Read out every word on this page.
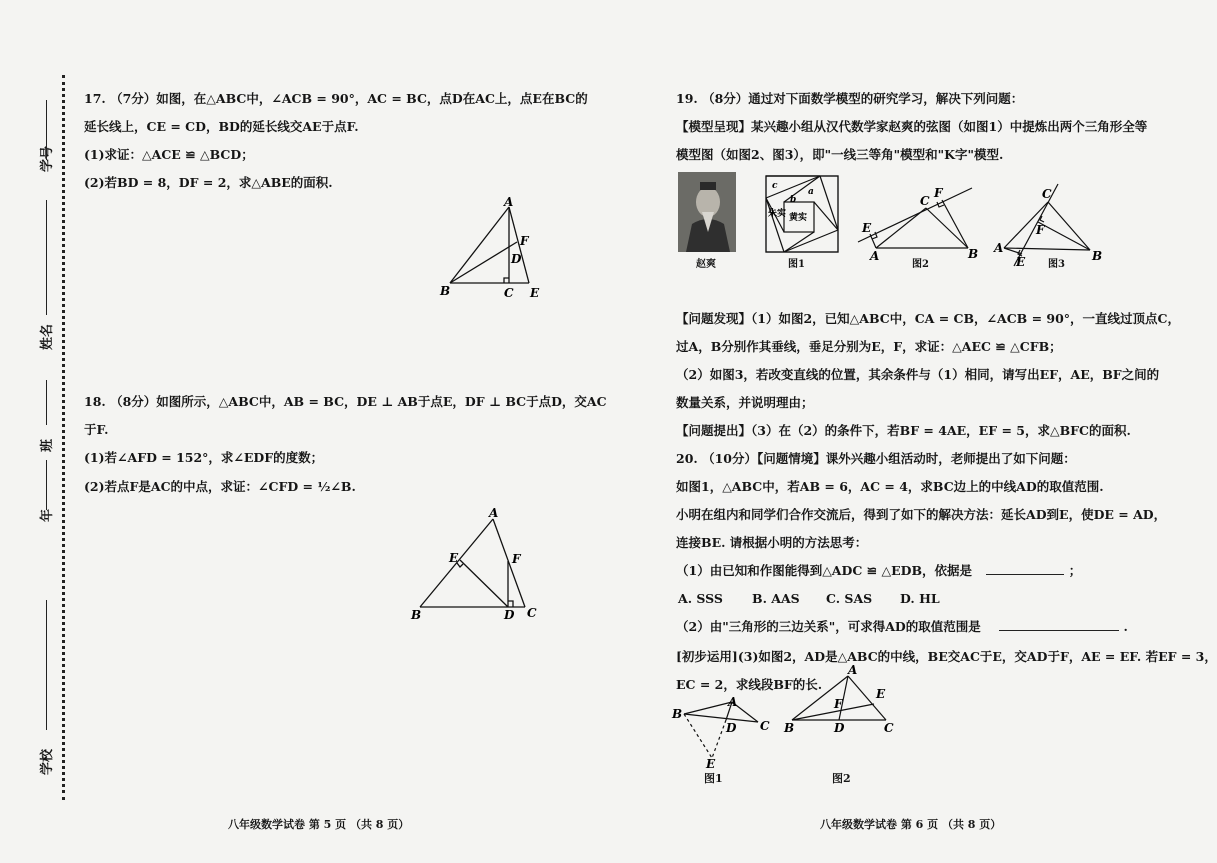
学号
姓名
班
年
学校
17. （7分）如图，在△ABC中，∠ACB = 90°，AC = BC，点D在AC上，点E在BC的
延长线上，CE = CD，BD的延长线交AE于点F.
(1)求证：△ACE ≌ △BCD；
(2)若BD = 8，DF = 2，求△ABE的面积.
A
B	C
D
E
F
18. （8分）如图所示，△ABC中，AB = BC，DE ⊥ AB于点E，DF ⊥ BC于点D，交AC
于F.
(1)若∠AFD = 152°，求∠EDF的度数；
(2)若点F是AC的中点，求证：∠CFD = ½∠B.
A
B	C
D
E	F
八年级数学试卷 第 5 页 （共 8 页）
19. （8分）通过对下面数学模型的研究学习，解决下列问题：
【模型呈现】某兴趣小组从汉代数学家赵爽的弦图（如图1）中提炼出两个三角形全等
模型图（如图2、图3），即"一线三等角"模型和"K字"模型.
赵爽
c
b
a
朱实 黄实
图1
E
A
C
F
B
图2
C
F
A
E	B
图3
【问题发现】（1）如图2，已知△ABC中，CA = CB，∠ACB = 90°，一直线过顶点C，
过A，B分别作其垂线，垂足分别为E，F，求证：△AEC ≌ △CFB；
（2）如图3，若改变直线的位置，其余条件与（1）相同，请写出EF，AE，BF之间的
数量关系，并说明理由；
【问题提出】（3）在（2）的条件下，若BF = 4AE，EF = 5，求△BFC的面积.
20. （10分）【问题情境】课外兴趣小组活动时，老师提出了如下问题：
如图1，△ABC中，若AB = 6，AC = 4，求BC边上的中线AD的取值范围.
小明在组内和同学们合作交流后，得到了如下的解决方法：延长AD到E，使DE = AD，
连接BE. 请根据小明的方法思考：
（1）由已知和作图能得到△ADC ≌ △EDB，依据是	；
A. SSS B. AAS C. SAS D. HL
（2）由"三角形的三边关系"，可求得AD的取值范围是	.
[初步运用](3)如图2，AD是△ABC的中线，BE交AC于E，交AD于F，AE = EF. 若EF = 3，
EC = 2，求线段BF的长.
A
B
C
D
E
图1
A
B	C
D
E
F
图2
八年级数学试卷 第 6 页 （共 8 页）
